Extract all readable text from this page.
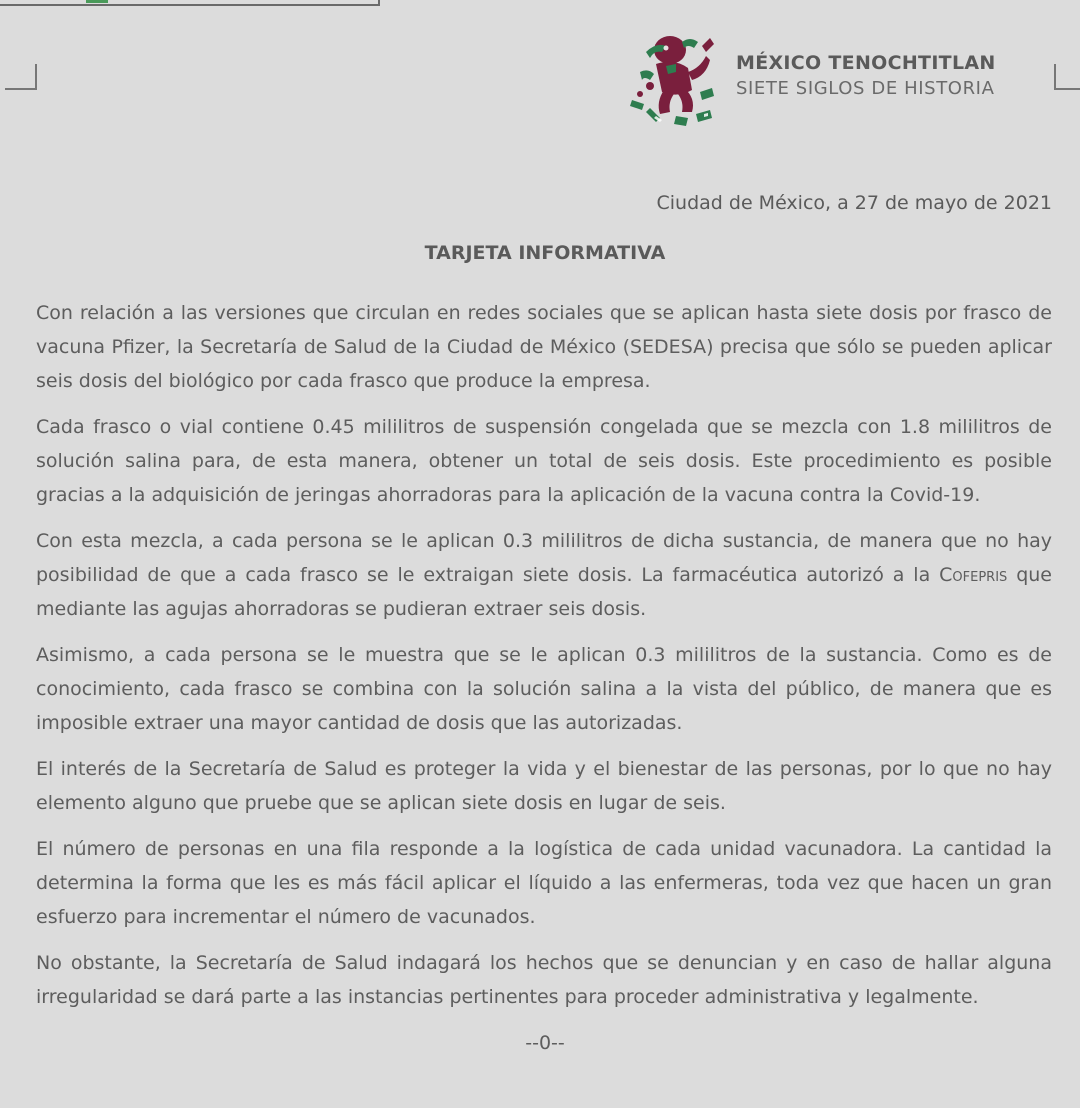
MÉXICO TENOCHTITLAN
SIETE SIGLOS DE HISTORIA
Ciudad de México, a 27 de mayo de 2021
TARJETA INFORMATIVA

Con relación a las versiones que circulan en redes sociales que se aplican hasta siete dosis por frasco de vacuna Pfizer, la Secretaría de Salud de la Ciudad de México (SEDESA) precisa que sólo se pueden aplicar seis dosis del biológico por cada frasco que produce la empresa.

Cada frasco o vial contiene 0.45 mililitros de suspensión congelada que se mezcla con 1.8 mililitros de solución salina para, de esta manera, obtener un total de seis dosis. Este procedimiento es posible gracias a la adquisición de jeringas ahorradoras para la aplicación de la vacuna contra la Covid-19.

Con esta mezcla, a cada persona se le aplican 0.3 mililitros de dicha sustancia, de manera que no hay posibilidad de que a cada frasco se le extraigan siete dosis. La farmacéutica autorizó a la Cofepris que mediante las agujas ahorradoras se pudieran extraer seis dosis.

Asimismo, a cada persona se le muestra que se le aplican 0.3 mililitros de la sustancia. Como es de conocimiento, cada frasco se combina con la solución salina a la vista del público, de manera que es imposible extraer una mayor cantidad de dosis que las autorizadas.

El interés de la Secretaría de Salud es proteger la vida y el bienestar de las personas, por lo que no hay elemento alguno que pruebe que se aplican siete dosis en lugar de seis.

El número de personas en una fila responde a la logística de cada unidad vacunadora. La cantidad la determina la forma que les es más fácil aplicar el líquido a las enfermeras, toda vez que hacen un gran esfuerzo para incrementar el número de vacunados.

No obstante, la Secretaría de Salud indagará los hechos que se denuncian y en caso de hallar alguna irregularidad se dará parte a las instancias pertinentes para proceder administrativa y legalmente.

--0--
